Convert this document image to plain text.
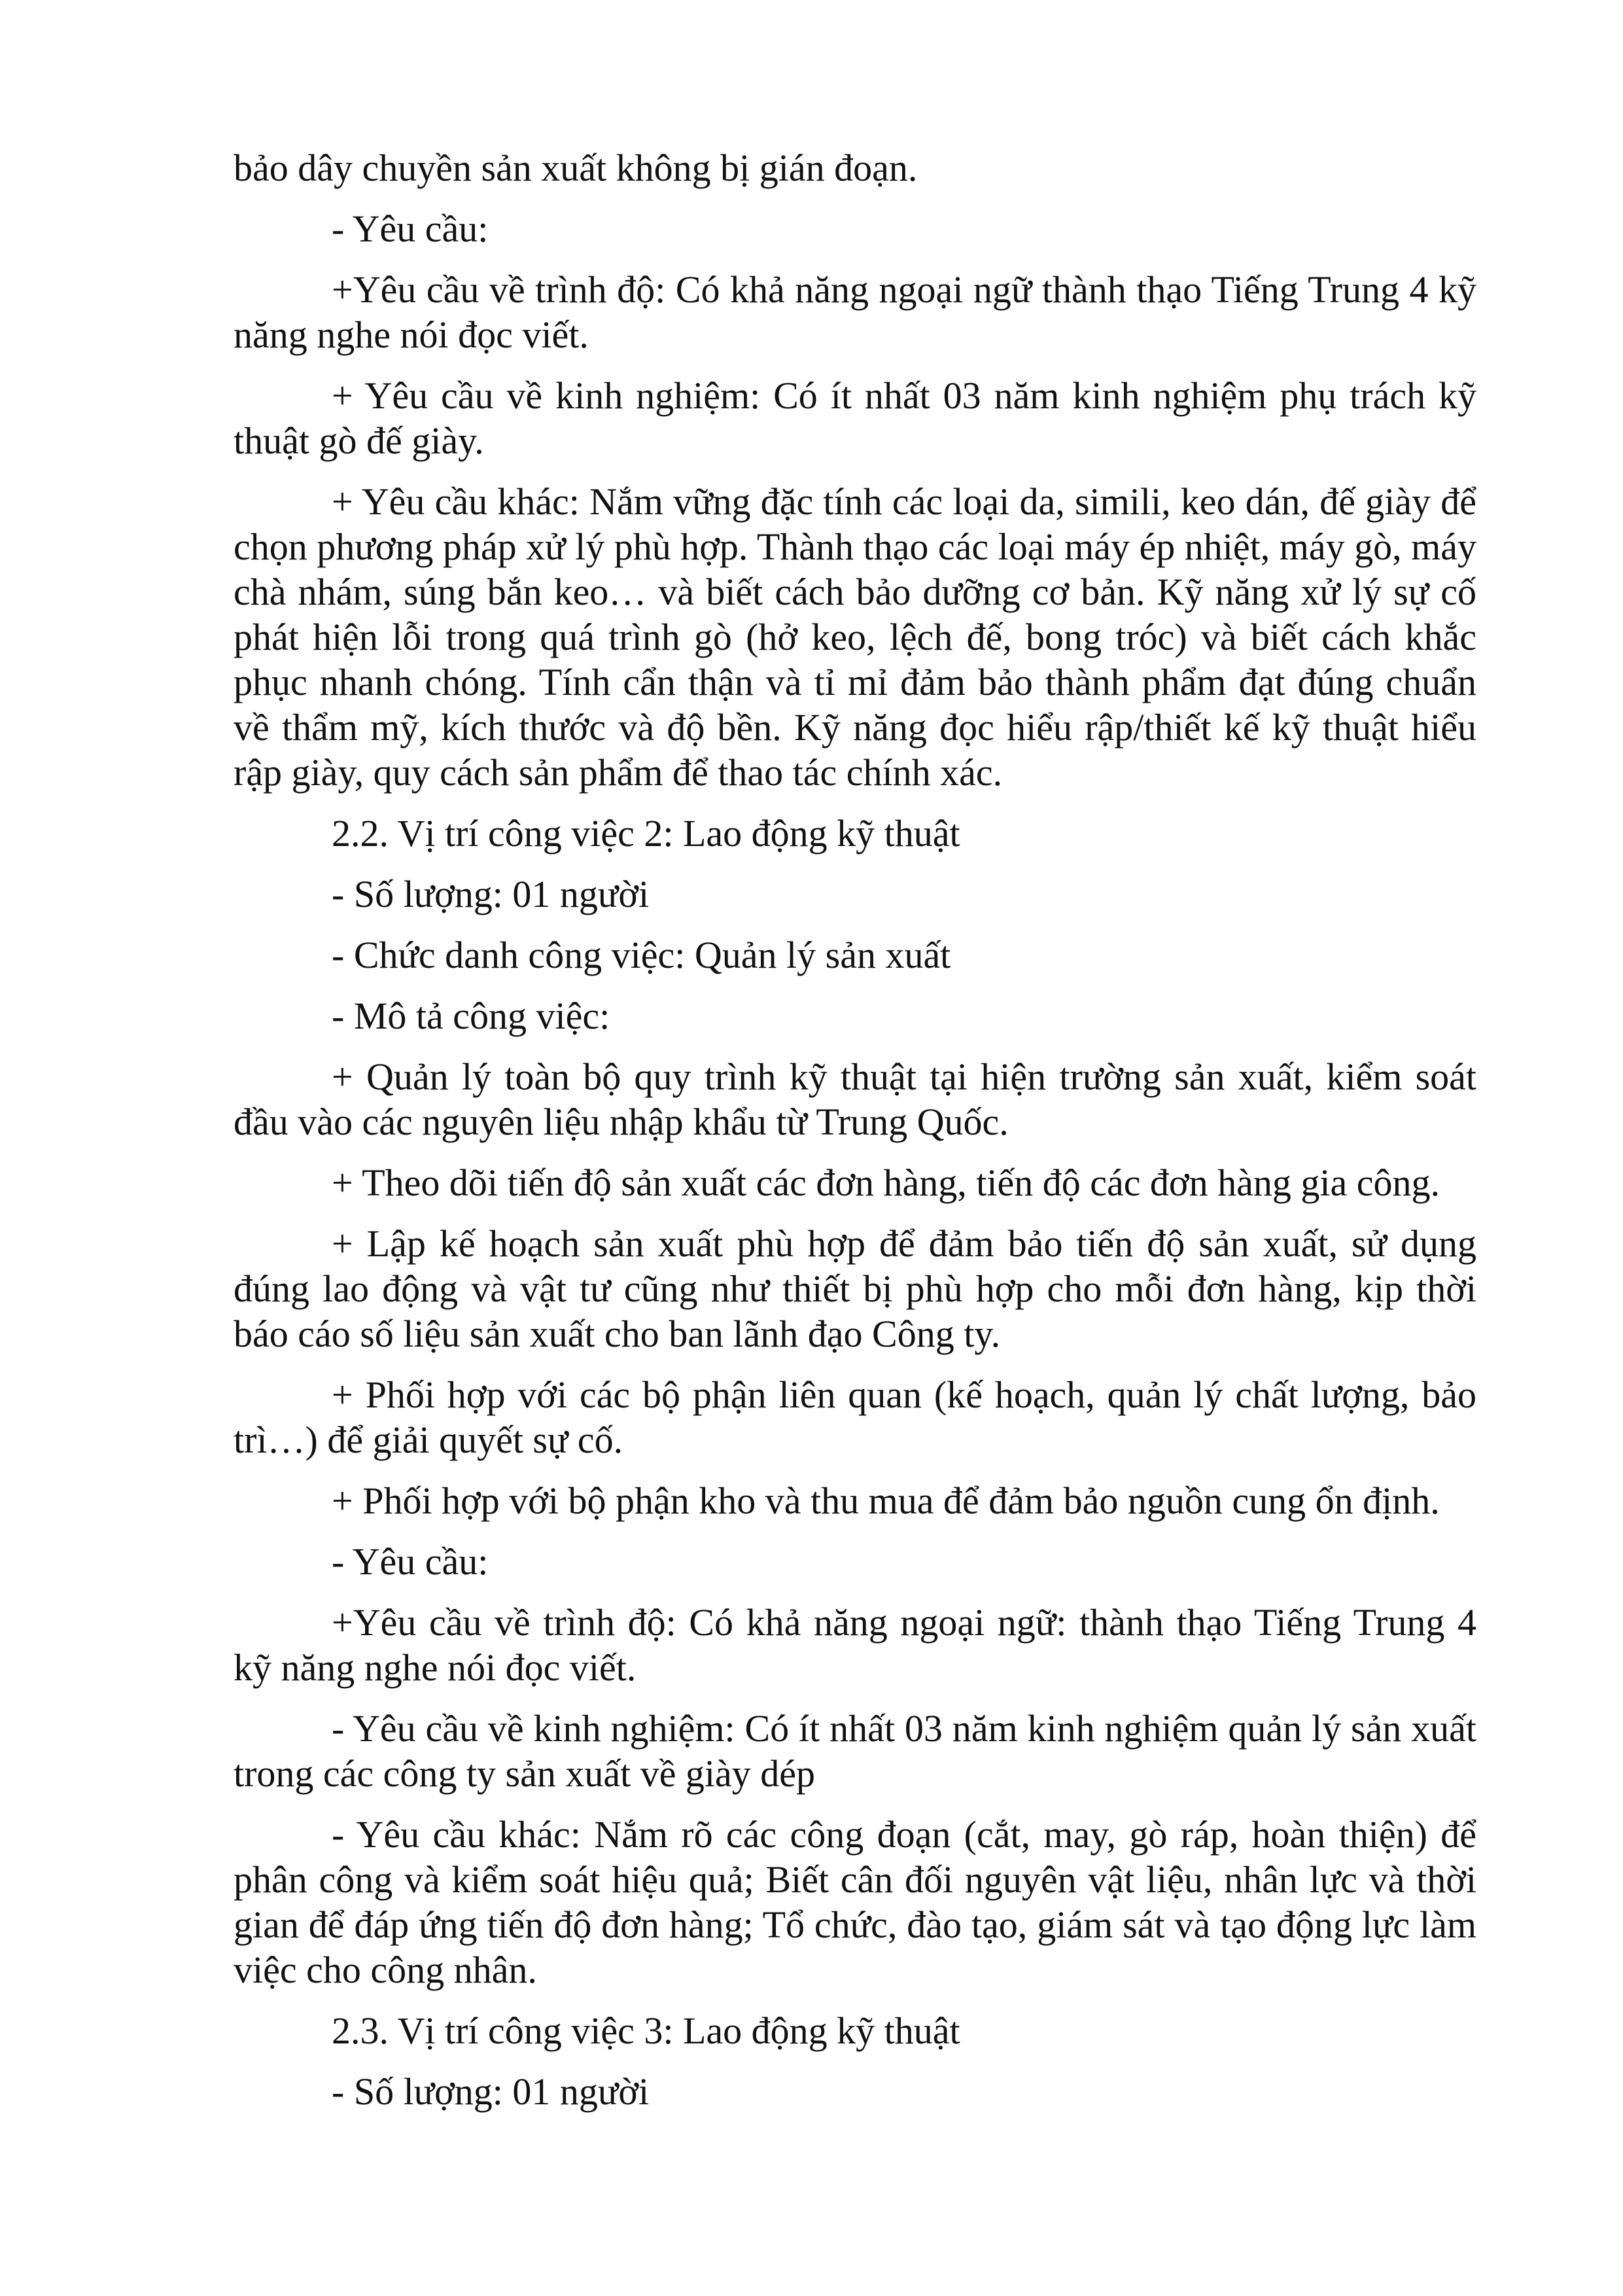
bảo dây chuyền sản xuất không bị gián đoạn.

- Yêu cầu:

+Yêu cầu về trình độ: Có khả năng ngoại ngữ thành thạo Tiếng Trung 4 kỹ năng nghe nói đọc viết.

+ Yêu cầu về kinh nghiệm: Có ít nhất 03 năm kinh nghiệm phụ trách kỹ thuật gò đế giày.

+ Yêu cầu khác: Nắm vững đặc tính các loại da, simili, keo dán, đế giày để chọn phương pháp xử lý phù hợp. Thành thạo các loại máy ép nhiệt, máy gò, máy chà nhám, súng bắn keo… và biết cách bảo dưỡng cơ bản. Kỹ năng xử lý sự cố phát hiện lỗi trong quá trình gò (hở keo, lệch đế, bong tróc) và biết cách khắc phục nhanh chóng. Tính cẩn thận và tỉ mỉ đảm bảo thành phẩm đạt đúng chuẩn về thẩm mỹ, kích thước và độ bền. Kỹ năng đọc hiểu rập/thiết kế kỹ thuật hiểu rập giày, quy cách sản phẩm để thao tác chính xác.

2.2. Vị trí công việc 2: Lao động kỹ thuật

- Số lượng: 01 người

- Chức danh công việc: Quản lý sản xuất

- Mô tả công việc:

+ Quản lý toàn bộ quy trình kỹ thuật tại hiện trường sản xuất, kiểm soát đầu vào các nguyên liệu nhập khẩu từ Trung Quốc.

+ Theo dõi tiến độ sản xuất các đơn hàng, tiến độ các đơn hàng gia công.

+ Lập kế hoạch sản xuất phù hợp để đảm bảo tiến độ sản xuất, sử dụng đúng lao động và vật tư cũng như thiết bị phù hợp cho mỗi đơn hàng, kịp thời báo cáo số liệu sản xuất cho ban lãnh đạo Công ty.

+ Phối hợp với các bộ phận liên quan (kế hoạch, quản lý chất lượng, bảo trì…) để giải quyết sự cố.

+ Phối hợp với bộ phận kho và thu mua để đảm bảo nguồn cung ổn định.

- Yêu cầu:

+Yêu cầu về trình độ: Có khả năng ngoại ngữ: thành thạo Tiếng Trung 4 kỹ năng nghe nói đọc viết.

- Yêu cầu về kinh nghiệm: Có ít nhất 03 năm kinh nghiệm quản lý sản xuất trong các công ty sản xuất về giày dép

- Yêu cầu khác: Nắm rõ các công đoạn (cắt, may, gò ráp, hoàn thiện) để phân công và kiểm soát hiệu quả; Biết cân đối nguyên vật liệu, nhân lực và thời gian để đáp ứng tiến độ đơn hàng; Tổ chức, đào tạo, giám sát và tạo động lực làm việc cho công nhân.

2.3. Vị trí công việc 3: Lao động kỹ thuật

- Số lượng: 01 người
